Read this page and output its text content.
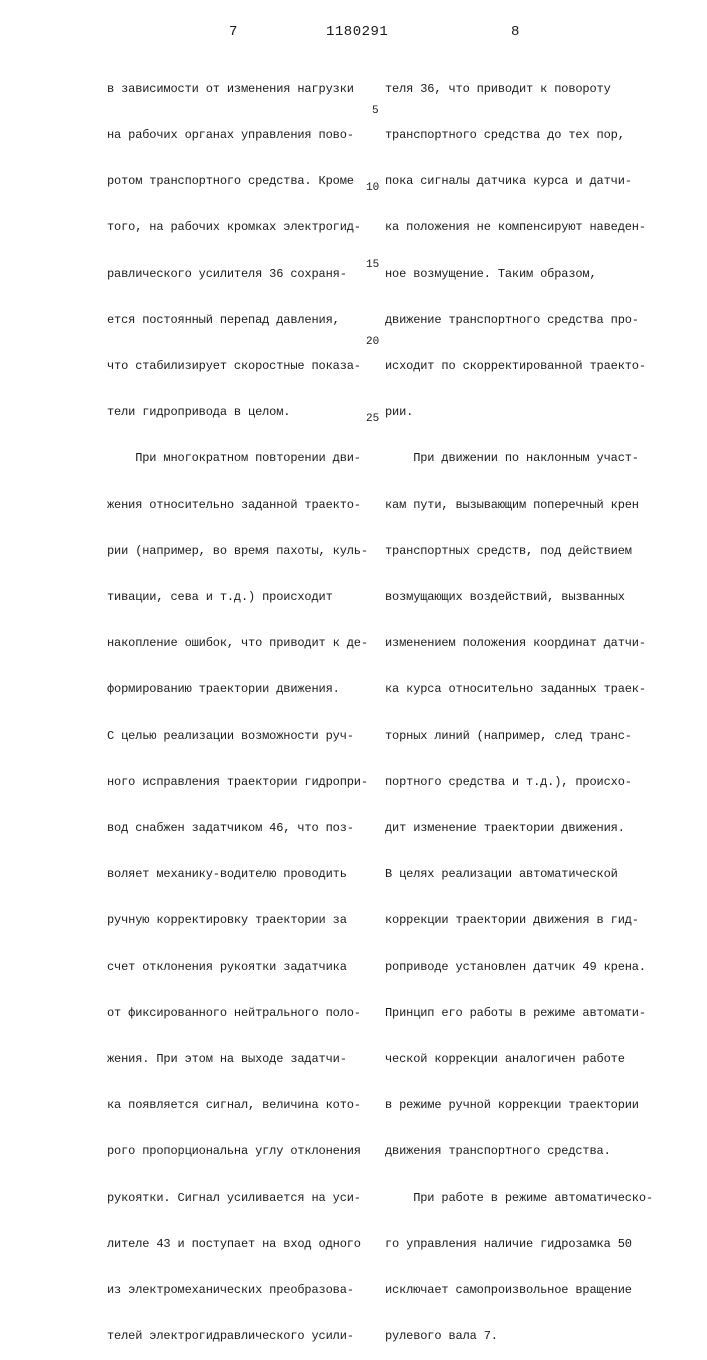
7	1180291	8

в зависимости от изменения нагрузки

на рабочих органах управления пово-

ротом транспортного средства. Кроме

того, на рабочих кромках электрогид-

равлического усилителя 36 сохраня-

ется постоянный перепад давления,

что стабилизирует скоростные показа-

тели гидропривода в целом.

При многократном повторении дви-

жения относительно заданной траекто-

рии (например, во время пахоты, куль-

тивации, сева и т.д.) происходит

накопление ошибок, что приводит к де-

формированию траектории движения.

С целью реализации возможности руч-

ного исправления траектории гидропри-

вод снабжен задатчиком 46, что поз-

воляет механику-водителю проводить

ручную корректировку траектории за

счет отклонения рукоятки задатчика

от фиксированного нейтрального поло-

жения. При этом на выходе задатчи-

ка появляется сигнал, величина кото-

рого пропорциональна углу отклонения

рукоятки. Сигнал усиливается на уси-

лителе 43 и поступает на вход одного

из электромеханических преобразова-

телей электрогидравлического усили-

5
10
15
20
25

теля 36, что приводит к повороту

транспортного средства до тех пор,

пока сигналы датчика курса и датчи-

ка положения не компенсируют наведен-

ное возмущение. Таким образом,

движение транспортного средства про-

исходит по скорректированной траекто-

рии.

При движении по наклонным участ-

кам пути, вызывающим поперечный крен

транспортных средств, под действием

возмущающих воздействий, вызванных

изменением положения координат датчи-

ка курса относительно заданных траек-

торных линий (например, след транс-

портного средства и т.д.), происхо-

дит изменение траектории движения.

В целях реализации автоматической

коррекции траектории движения в гид-

роприводе установлен датчик 49 крена.

Принцип его работы в режиме автомати-

ческой коррекции аналогичен работе

в режиме ручной коррекции траектории

движения транспортного средства.

При работе в режиме автоматическо-

го управления наличие гидрозамка 50

исключает самопроизвольное вращение

рулевого вала 7.
